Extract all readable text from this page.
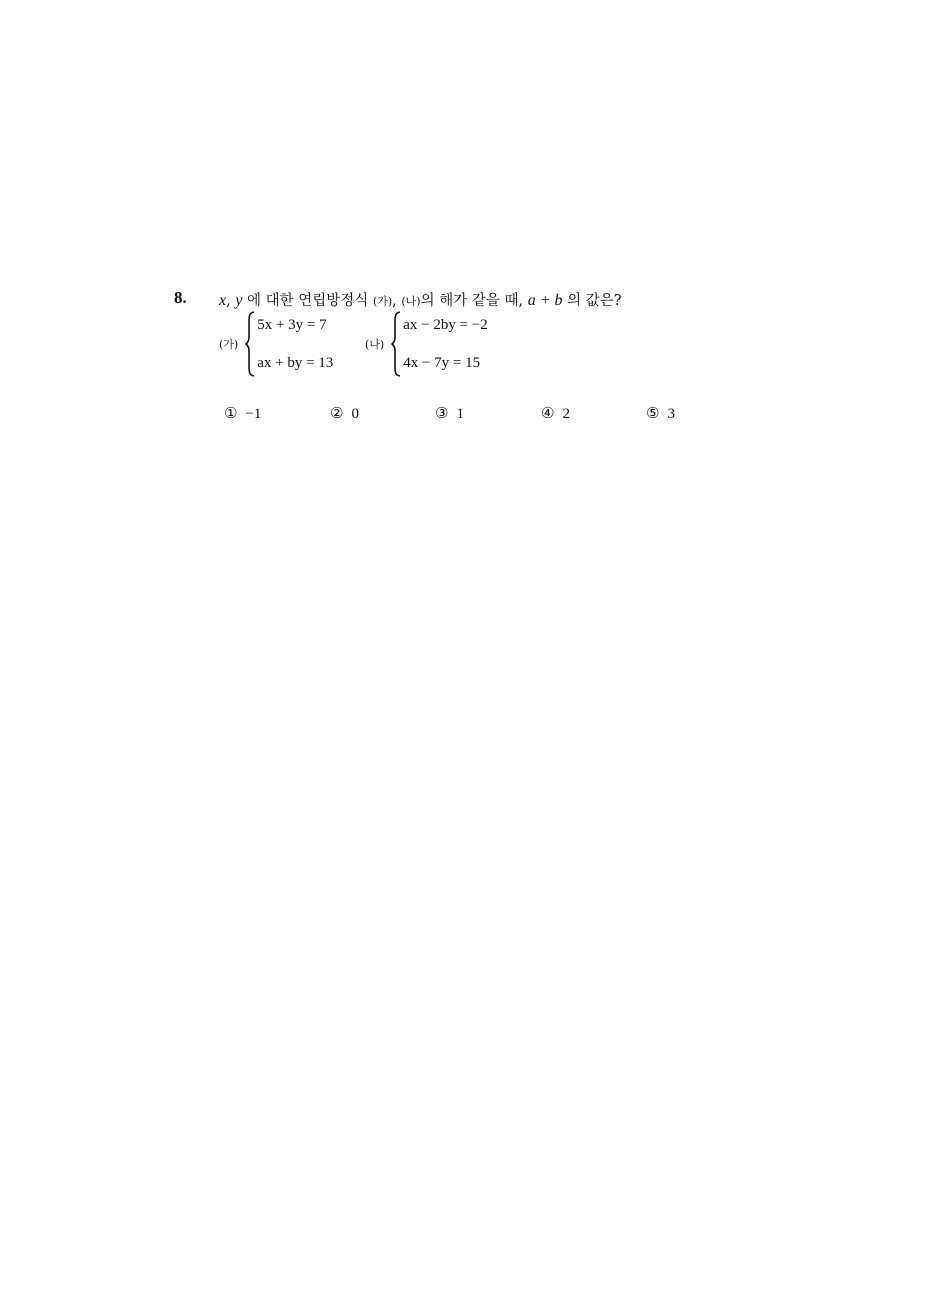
8. x, y 에 대한 연립방정식 (가), (나)의 해가 같을 때, a + b 의 값은?
(가)
5x + 3y = 7
ax + by = 13
(나)
ax − 2by = −2
4x − 7y = 15
① −1	② 0	③ 1	④ 2	⑤ 3
